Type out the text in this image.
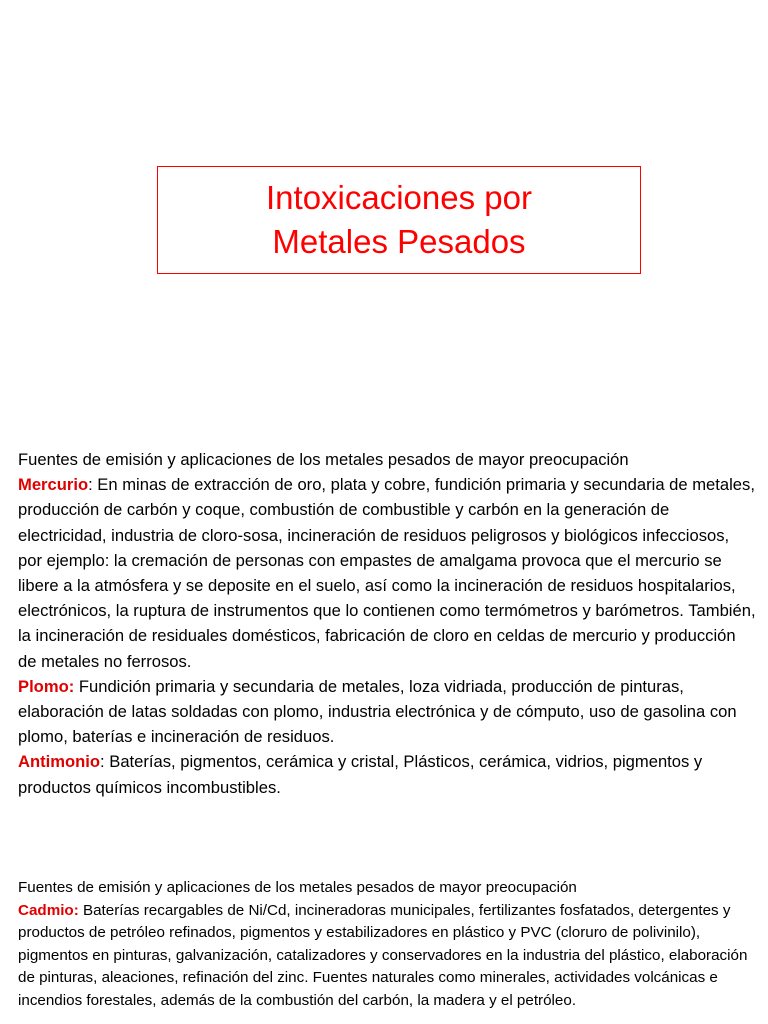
Intoxicaciones por
Metales Pesados

Fuentes de emisión y aplicaciones de los metales pesados de mayor preocupación

Mercurio: En minas de extracción de oro, plata y cobre, fundición primaria y secundaria de metales, producción de carbón y coque, combustión de combustible y carbón en la generación de electricidad, industria de cloro-sosa, incineración de residuos peligrosos y biológicos infecciosos, por ejemplo: la cremación de personas con empastes de amalgama provoca que el mercurio se libere a la atmósfera y se deposite en el suelo, así como la incineración de residuos hospitalarios, electrónicos, la ruptura de instrumentos que lo contienen como termómetros y barómetros. También, la incineración de residuales domésticos, fabricación de cloro en celdas de mercurio y producción de metales no ferrosos.

Plomo: Fundición primaria y secundaria de metales, loza vidriada, producción de pinturas, elaboración de latas soldadas con plomo, industria electrónica y de cómputo, uso de gasolina con plomo, baterías e incineración de residuos.

Antimonio: Baterías, pigmentos, cerámica y cristal, Plásticos, cerámica, vidrios, pigmentos y productos químicos incombustibles.

Fuentes de emisión y aplicaciones de los metales pesados de mayor preocupación

Cadmio: Baterías recargables de Ni/Cd, incineradoras municipales, fertilizantes fosfatados, detergentes y productos de petróleo refinados, pigmentos y estabilizadores en plástico y PVC (cloruro de polivinilo), pigmentos en pinturas, galvanización, catalizadores y conservadores en la industria del plástico, elaboración de pinturas, aleaciones, refinación del zinc. Fuentes naturales como minerales, actividades volcánicas e incendios forestales, además de la combustión del carbón, la madera y el petróleo.
